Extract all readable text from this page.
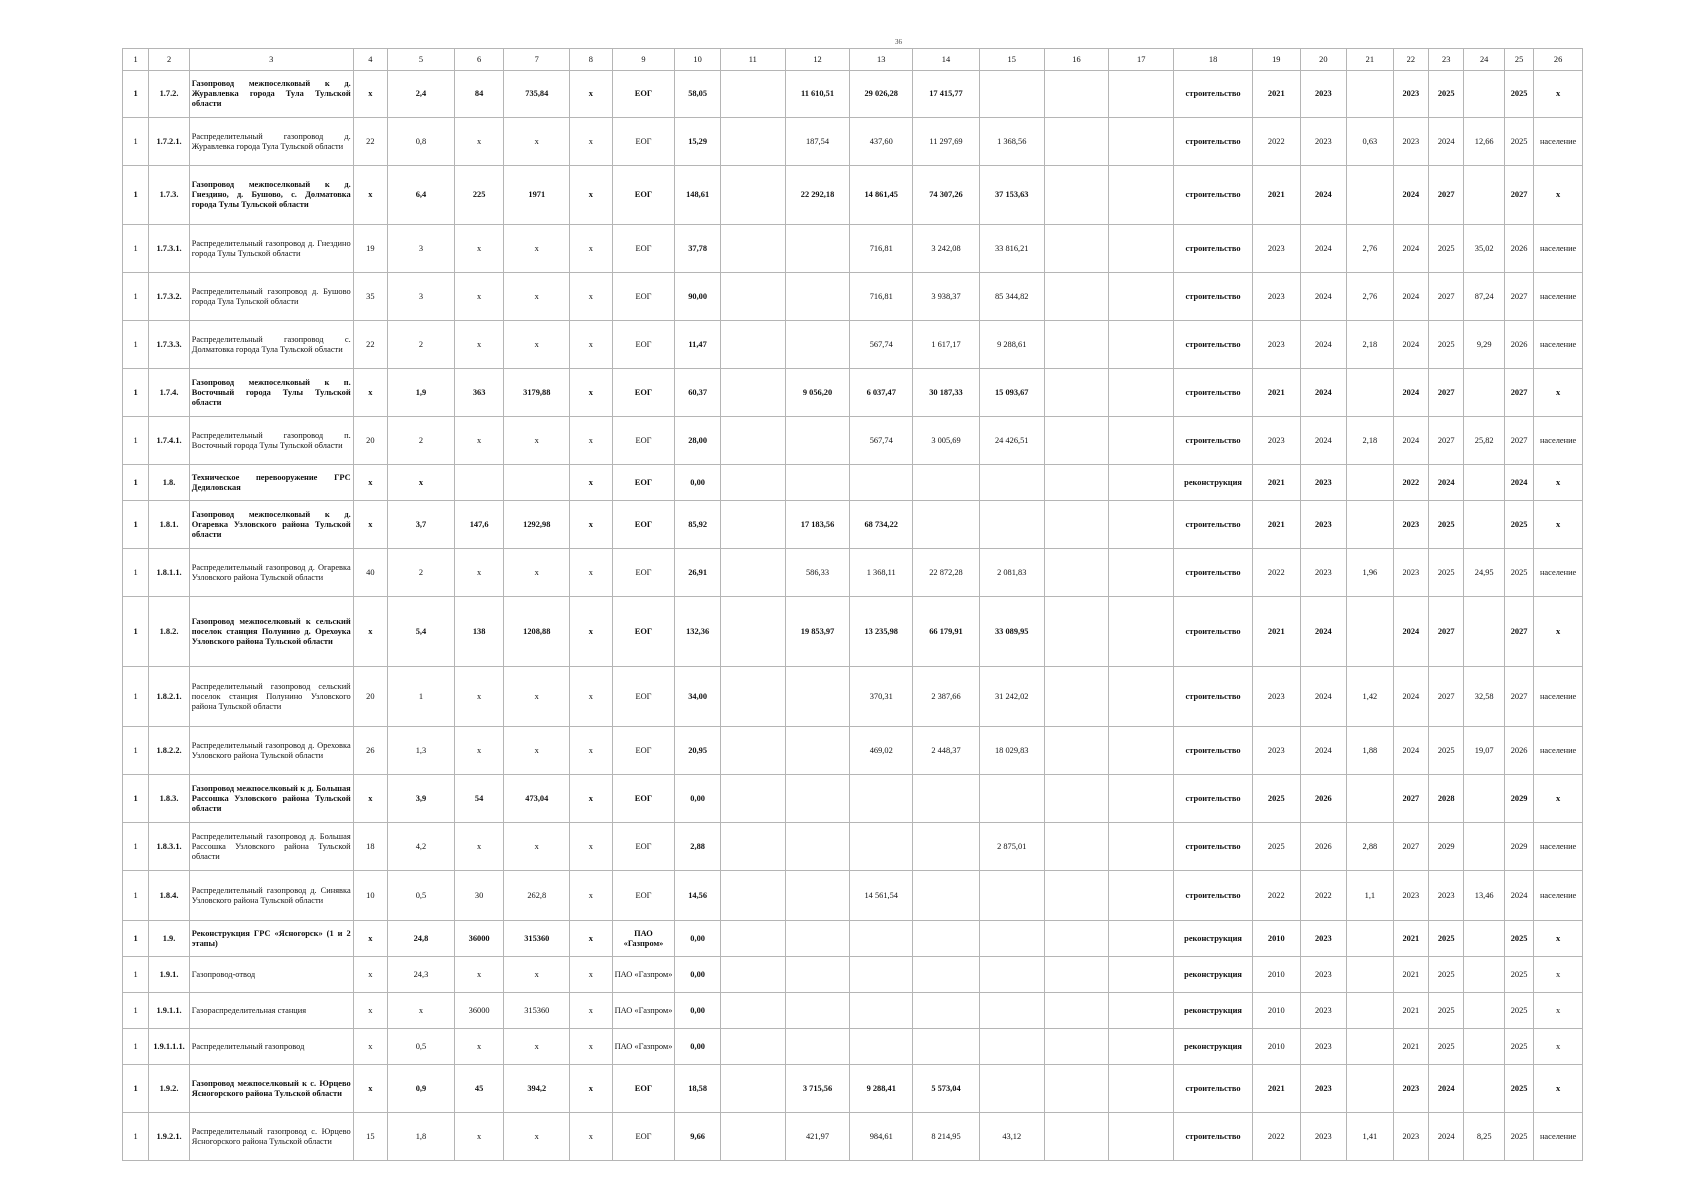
36
1	2	3	4	5	6	7	8	9	10	11	12	13	14	15	16	17	18	19	20	21	22	23	24	25	26
1	1.7.2.	Газопровод межпоселковый к д. Журавлевка города Тула Тульской области	х	2,4	84	735,84	х	ЕОГ	58,05		11 610,51	29 026,28	17 415,77				строительство	2021	2023		2023	2025		2025	х
1	1.7.2.1.	Распределительный газопровод д. Журавлевка города Тула Тульской области	22	0,8	х	х	х	ЕОГ	15,29		187,54	437,60	11 297,69	1 368,56			строительство	2022	2023	0,63	2023	2024	12,66	2025	население
1	1.7.3.	Газопровод межпоселковый к д. Гнездино, д. Бушово, с. Долматовка города Тулы Тульской области	х	6,4	225	1971	х	ЕОГ	148,61		22 292,18	14 861,45	74 307,26	37 153,63			строительство	2021	2024		2024	2027		2027	х
1	1.7.3.1.	Распределительный газопровод д. Гнездино города Тулы Тульской области	19	3	х	х	х	ЕОГ	37,78			716,81	3 242,08	33 816,21			строительство	2023	2024	2,76	2024	2025	35,02	2026	население
1	1.7.3.2.	Распределительный газопровод д. Бушово города Тула Тульской области	35	3	х	х	х	ЕОГ	90,00			716,81	3 938,37	85 344,82			строительство	2023	2024	2,76	2024	2027	87,24	2027	население
1	1.7.3.3.	Распределительный газопровод с. Долматовка города Тула Тульской области	22	2	х	х	х	ЕОГ	11,47			567,74	1 617,17	9 288,61			строительство	2023	2024	2,18	2024	2025	9,29	2026	население
1	1.7.4.	Газопровод межпоселковый к п. Восточный города Тулы Тульской области	х	1,9	363	3179,88	х	ЕОГ	60,37		9 056,20	6 037,47	30 187,33	15 093,67			строительство	2021	2024		2024	2027		2027	х
1	1.7.4.1.	Распределительный газопровод п. Восточный города Тулы Тульской области	20	2	х	х	х	ЕОГ	28,00			567,74	3 005,69	24 426,51			строительство	2023	2024	2,18	2024	2027	25,82	2027	население
1	1.8.	Техническое перевооружение ГРС Дедиловская	х	х			х	ЕОГ	0,00								реконструкция	2021	2023		2022	2024		2024	х
1	1.8.1.	Газопровод межпоселковый к д. Огаревка Узловского района Тульской области	х	3,7	147,6	1292,98	х	ЕОГ	85,92		17 183,56	68 734,22					строительство	2021	2023		2023	2025		2025	х
1	1.8.1.1.	Распределительный газопровод д. Огаревка Узловского района Тульской области	40	2	х	х	х	ЕОГ	26,91		586,33	1 368,11	22 872,28	2 081,83			строительство	2022	2023	1,96	2023	2025	24,95	2025	население
1	1.8.2.	Газопровод межпоселковый к сельский поселок станция Полунино д. Орехоука Узловского района Тульской области	х	5,4	138	1208,88	х	ЕОГ	132,36		19 853,97	13 235,98	66 179,91	33 089,95			строительство	2021	2024		2024	2027		2027	х
1	1.8.2.1.	Распределительный газопровод сельский поселок станция Полунино Узловского района Тульской области	20	1	х	х	х	ЕОГ	34,00			370,31	2 387,66	31 242,02			строительство	2023	2024	1,42	2024	2027	32,58	2027	население
1	1.8.2.2.	Распределительный газопровод д. Ореховка Узловского района Тульской области	26	1,3	х	х	х	ЕОГ	20,95			469,02	2 448,37	18 029,83			строительство	2023	2024	1,88	2024	2025	19,07	2026	население
1	1.8.3.	Газопровод межпоселковый к д. Большая Рассошка Узловского района Тульской области	х	3,9	54	473,04	х	ЕОГ	0,00								строительство	2025	2026		2027	2028		2029	х
1	1.8.3.1.	Распределительный газопровод д. Большая Рассошка Узловского района Тульской области	18	4,2	х	х	х	ЕОГ	2,88					2 875,01			строительство	2025	2026	2,88	2027	2029		2029	население
1	1.8.4.	Распределительный газопровод д. Синявка Узловского района Тульской области	10	0,5	30	262,8	х	ЕОГ	14,56			14 561,54					строительство	2022	2022	1,1	2023	2023	13,46	2024	население
1	1.9.	Реконструкция ГРС «Ясногорск» (1 и 2 этапы)	х	24,8	36000	315360	х	ПАО «Газпром»	0,00								реконструкция	2010	2023		2021	2025		2025	х
1	1.9.1.	Газопровод-отвод	х	24,3	х	х	х	ПАО «Газпром»	0,00								реконструкция	2010	2023		2021	2025		2025	х
1	1.9.1.1.	Газораспределительная станция	х	х	36000	315360	х	ПАО «Газпром»	0,00								реконструкция	2010	2023		2021	2025		2025	х
1	1.9.1.1.1.	Распределительный газопровод	х	0,5	х	х	х	ПАО «Газпром»	0,00								реконструкция	2010	2023		2021	2025		2025	х
1	1.9.2.	Газопровод межпоселковый к с. Юрцево Ясногорского района Тульской области	х	0,9	45	394,2	х	ЕОГ	18,58		3 715,56	9 288,41	5 573,04				строительство	2021	2023		2023	2024		2025	х
1	1.9.2.1.	Распределительный газопровод с. Юрцево Ясногорского района Тульской области	15	1,8	х	х	х	ЕОГ	9,66		421,97	984,61	8 214,95	43,12			строительство	2022	2023	1,41	2023	2024	8,25	2025	население
